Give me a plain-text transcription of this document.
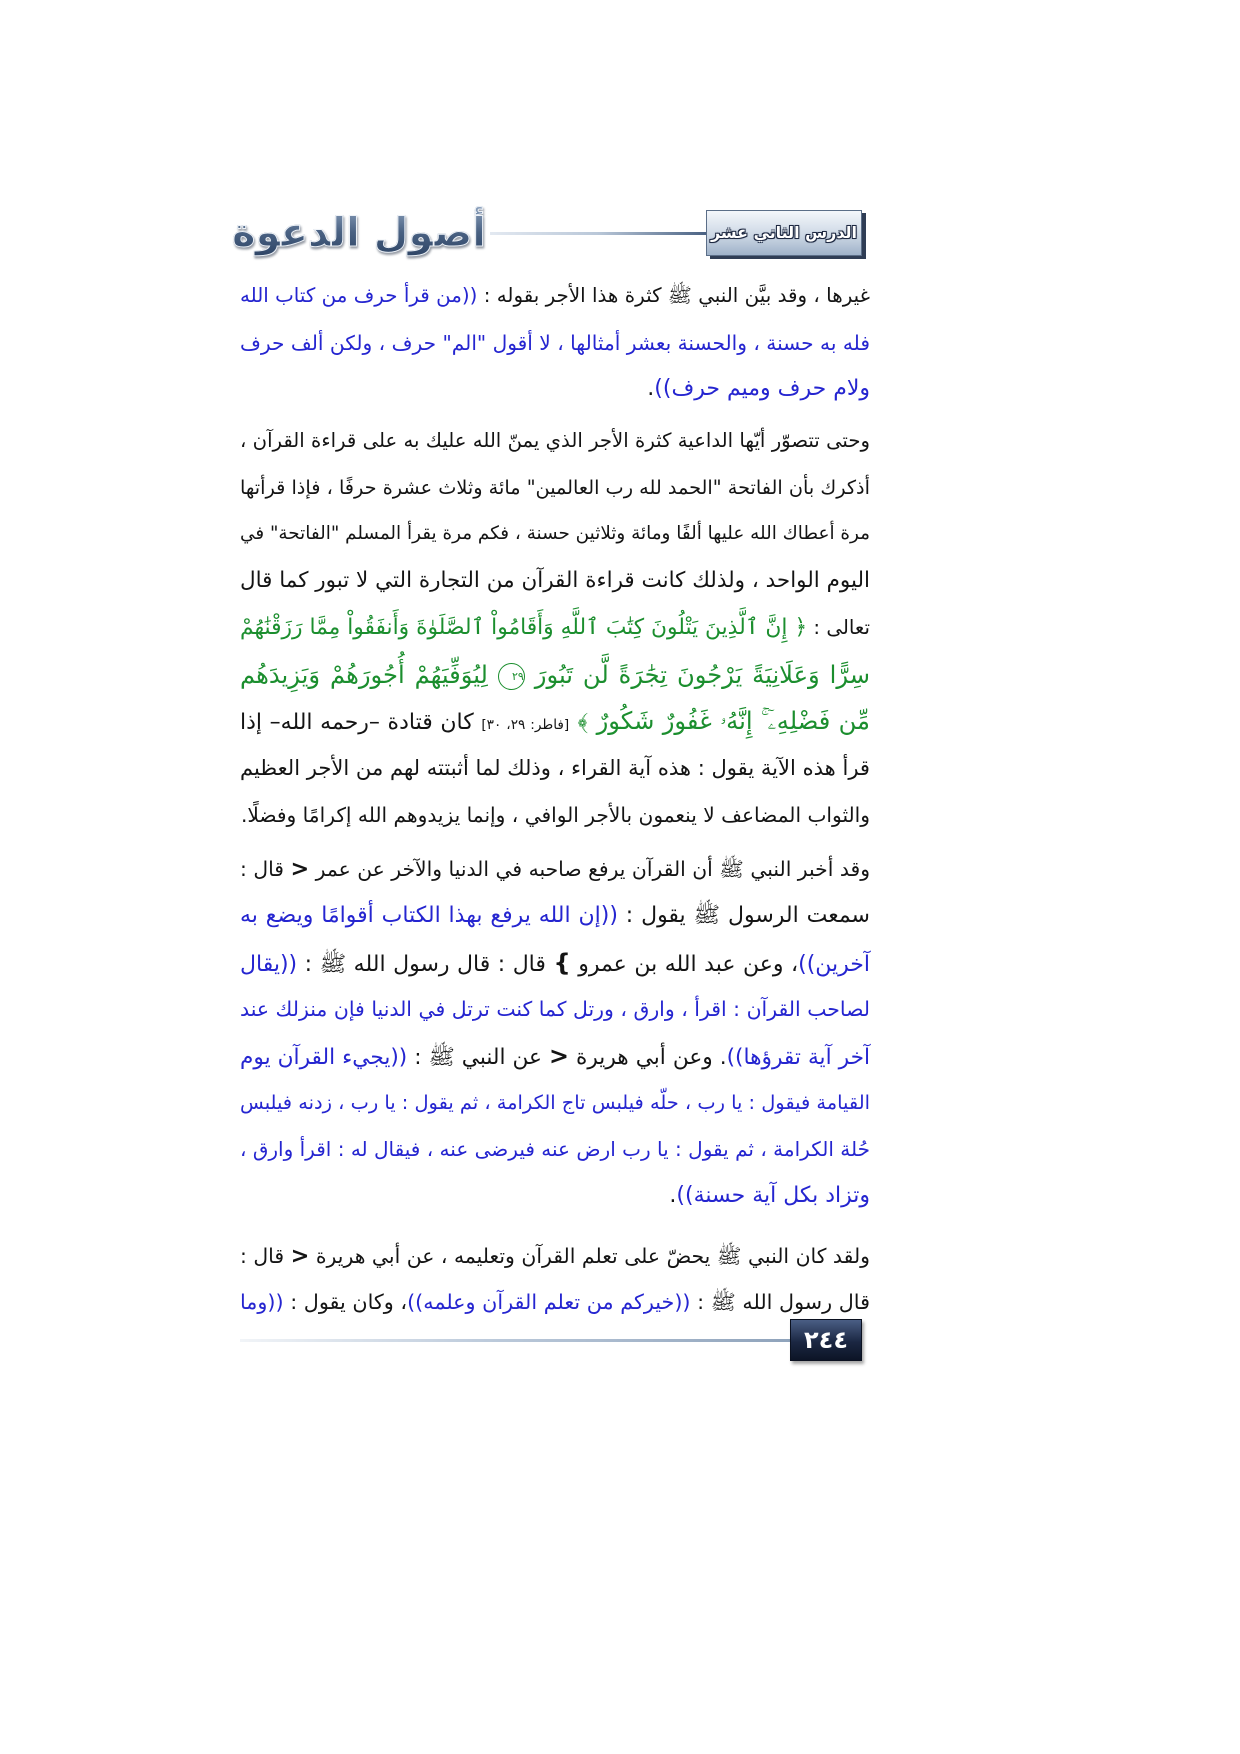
أصول الدعوة	الدرس الثاني عشر
غيرها ، وقد بيَّن النبي ﷺ كثرة هذا الأجر بقوله : ((من قرأ حرف من كتاب الله
فله به حسنة ، والحسنة بعشر أمثالها ، لا أقول "الم" حرف ، ولكن ألف حرف
ولام حرف وميم حرف)).
وحتى تتصوّر أيّها الداعية كثرة الأجر الذي يمنّ الله عليك به على قراءة القرآن ،
أذكرك بأن الفاتحة "الحمد لله رب العالمين" مائة وثلاث عشرة حرفًا ، فإذا قرأتها
مرة أعطاك الله عليها ألفًا ومائة وثلاثين حسنة ، فكم مرة يقرأ المسلم "الفاتحة" في
اليوم الواحد ، ولذلك كانت قراءة القرآن من التجارة التي لا تبور كما قال
تعالى : ﴿ إِنَّ ٱلَّذِينَ يَتْلُونَ كِتَٰبَ ٱللَّهِ وَأَقَامُواْ ٱلصَّلَوٰةَ وَأَنفَقُواْ مِمَّا رَزَقْنَٰهُمْ
سِرًّا وَعَلَانِيَةً يَرْجُونَ تِجَٰرَةً لَّن تَبُورَ ٢٩ لِيُوَفِّيَهُمْ أُجُورَهُمْ وَيَزِيدَهُم
مِّن فَضْلِهِۦٓ ۚ إِنَّهُۥ غَفُورٌ شَكُورٌ ﴾ [فاطر: ٢٩، ٣٠] كان قتادة –رحمه الله– إذا
قرأ هذه الآية يقول : هذه آية القراء ، وذلك لما أثبتته لهم من الأجر العظيم
والثواب المضاعف لا ينعمون بالأجر الوافي ، وإنما يزيدوهم الله إكرامًا وفضلًا.
وقد أخبر النبي ﷺ أن القرآن يرفع صاحبه في الدنيا والآخر عن عمر > قال :
سمعت الرسول ﷺ يقول : ((إن الله يرفع بهذا الكتاب أقوامًا ويضع به
آخرين))، وعن عبد الله بن عمرو { قال : قال رسول الله ﷺ : ((يقال
لصاحب القرآن : اقرأ ، وارق ، ورتل كما كنت ترتل في الدنيا فإن منزلك عند
آخر آية تقرؤها)). وعن أبي هريرة > عن النبي ﷺ : ((يجيء القرآن يوم
القيامة فيقول : يا رب ، حلّه فيلبس تاج الكرامة ، ثم يقول : يا رب ، زدنه فيلبس
حُلة الكرامة ، ثم يقول : يا رب ارض عنه فيرضى عنه ، فيقال له : اقرأ وارق ،
وتزاد بكل آية حسنة)).
ولقد كان النبي ﷺ يحضّ على تعلم القرآن وتعليمه ، عن أبي هريرة > قال :
قال رسول الله ﷺ : ((خيركم من تعلم القرآن وعلمه))، وكان يقول : ((وما
٢٤٤
